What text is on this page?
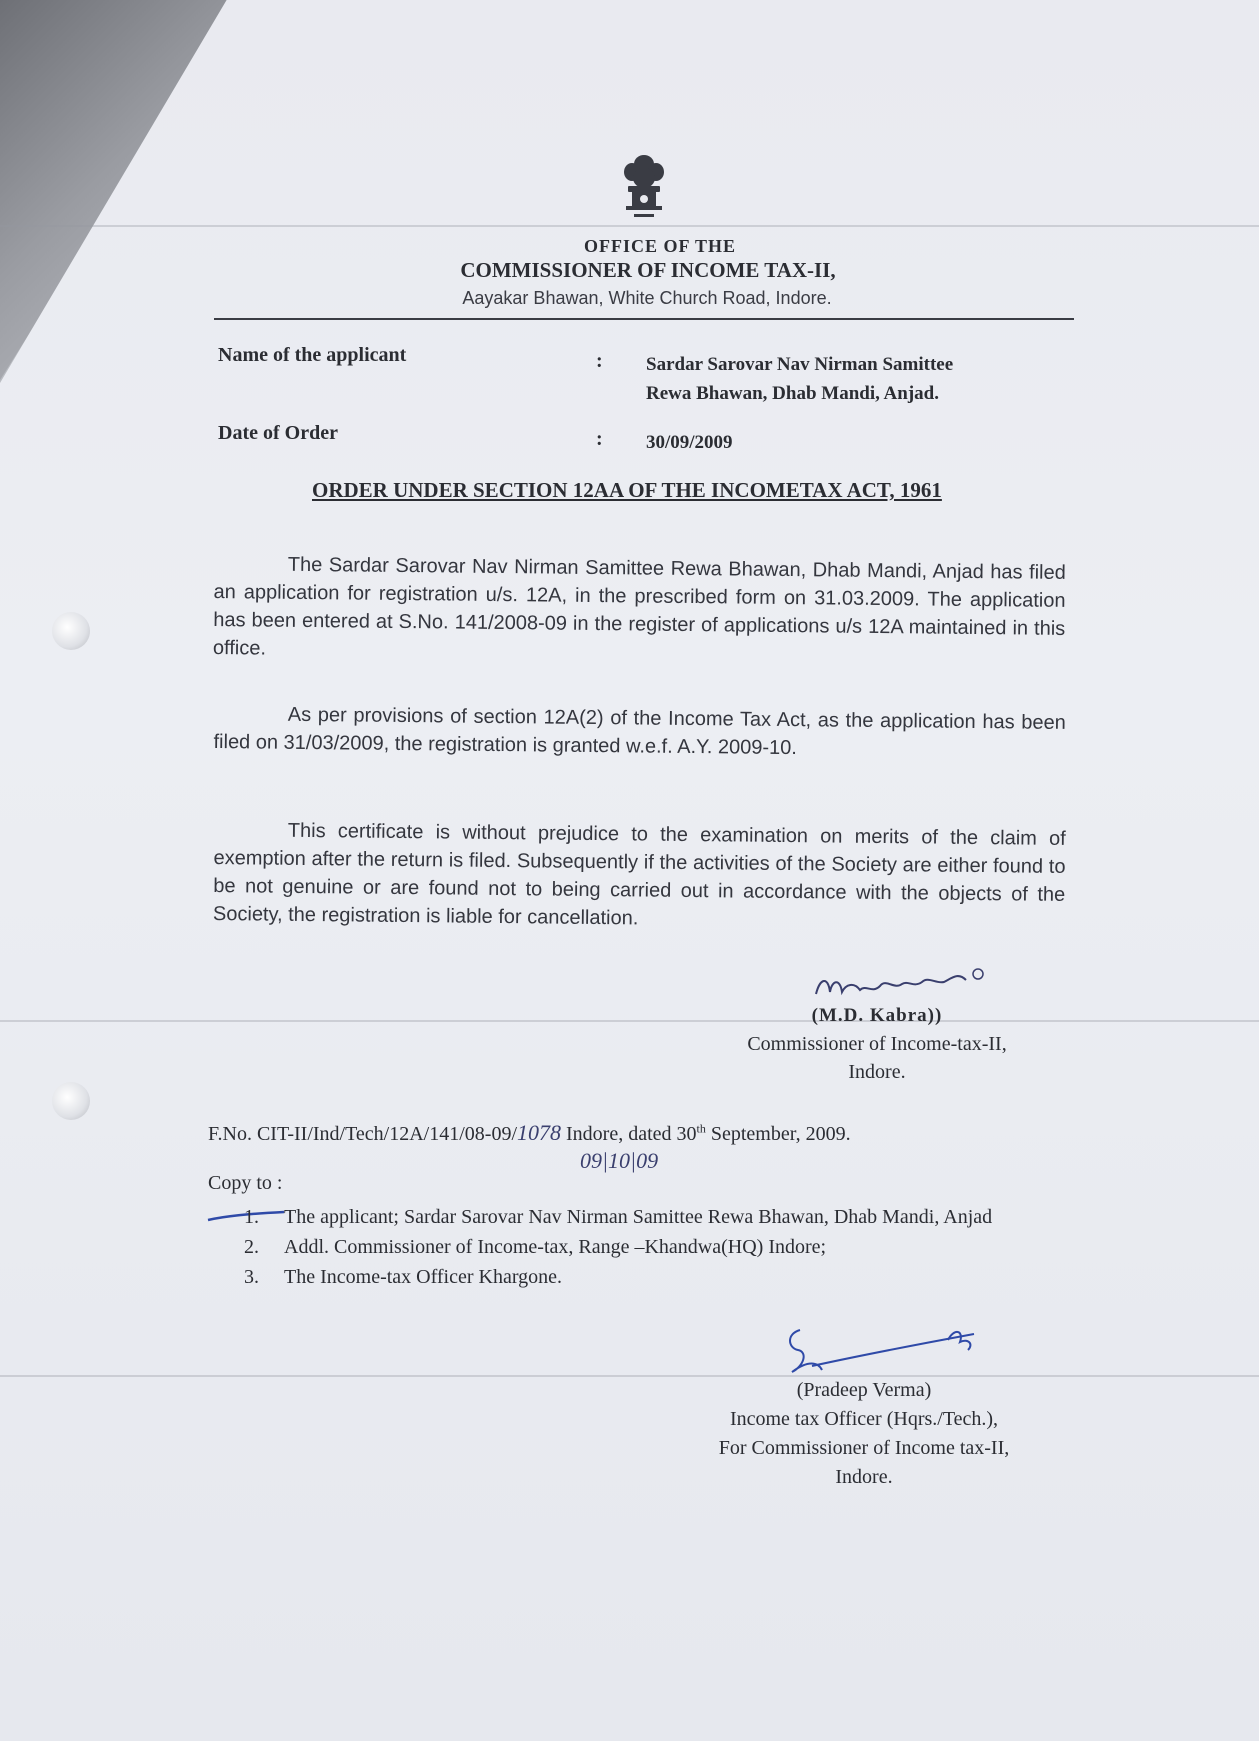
OFFICE OF THE
COMMISSIONER OF INCOME TAX-II,
Aayakar Bhawan, White Church Road, Indore.
Name of the applicant	: Sardar Sarovar Nav Nirman Samittee
Rewa Bhawan, Dhab Mandi, Anjad.
Date of Order	: 30/09/2009
ORDER UNDER SECTION 12AA OF THE INCOMETAX ACT, 1961

The Sardar Sarovar Nav Nirman Samittee Rewa Bhawan, Dhab Mandi, Anjad has filed an application for registration u/s. 12A, in the prescribed form on 31.03.2009. The application has been entered at S.No. 141/2008-09 in the register of applications u/s 12A maintained in this office.

As per provisions of section 12A(2) of the Income Tax Act, as the application has been filed on 31/03/2009, the registration is granted w.e.f. A.Y. 2009-10.

This certificate is without prejudice to the examination on merits of the claim of exemption after the return is filed. Subsequently if the activities of the Society are either found to be not genuine or are found not to being carried out in accordance with the objects of the Society, the registration is liable for cancellation.

(M.D. Kabra))
Commissioner of Income-tax-II,
Indore.
F.No. CIT-II/Ind/Tech/12A/141/08-09/1078 Indore, dated 30th September, 2009.
09|10|09
Copy to :
1. The applicant; Sardar Sarovar Nav Nirman Samittee Rewa Bhawan, Dhab Mandi, Anjad
2. Addl. Commissioner of Income-tax, Range –Khandwa(HQ) Indore;
3. The Income-tax Officer Khargone.
(Pradeep Verma)
Income tax Officer (Hqrs./Tech.),
For Commissioner of Income tax-II,
Indore.
